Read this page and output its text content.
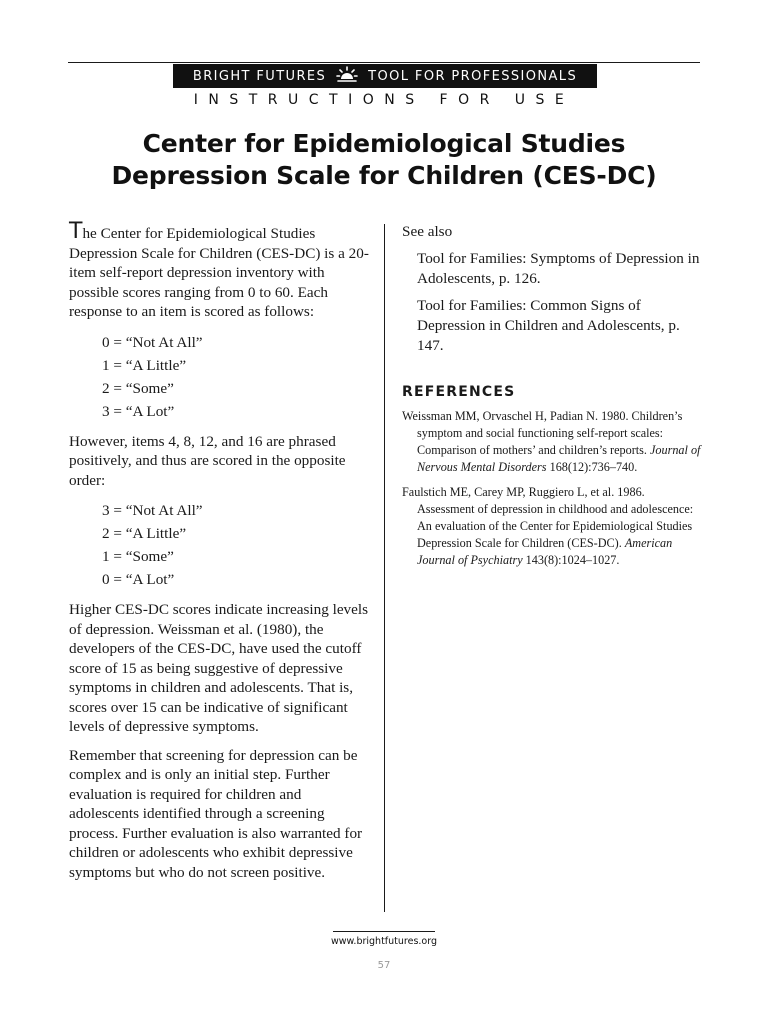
BRIGHT FUTURES	TOOL FOR PROFESSIONALS
INSTRUCTIONS FOR USE
Center for Epidemiological Studies
Depression Scale for Children (CES-DC)

The Center for Epidemiological Studies Depression Scale for Children (CES-DC) is a 20-item self-report depression inventory with possible scores ranging from 0 to 60. Each response to an item is scored as follows:

0 = “Not At All”
1 = “A Little”
2 = “Some”
3 = “A Lot”

However, items 4, 8, 12, and 16 are phrased positively, and thus are scored in the opposite order:

3 = “Not At All”
2 = “A Little”
1 = “Some”
0 = “A Lot”

Higher CES-DC scores indicate increasing levels of depression. Weissman et al. (1980), the developers of the CES-DC, have used the cutoff score of 15 as being suggestive of depressive symptoms in children and adolescents. That is, scores over 15 can be indicative of significant levels of depressive symptoms.

Remember that screening for depression can be complex and is only an initial step. Further evaluation is required for children and adolescents identified through a screening process. Further evaluation is also warranted for children or adolescents who exhibit depressive symptoms but who do not screen positive.

See also

Tool for Families: Symptoms of Depression in Adolescents, p. 126.

Tool for Families: Common Signs of Depression in Children and Adolescents, p. 147.

REFERENCES

Weissman MM, Orvaschel H, Padian N. 1980. Children’s symptom and social functioning self-report scales: Comparison of mothers’ and children’s reports. Journal of Nervous Mental Disorders 168(12):736–740.

Faulstich ME, Carey MP, Ruggiero L, et al. 1986. Assessment of depression in childhood and adolescence: An evaluation of the Center for Epidemiological Studies Depression Scale for Children (CES-DC). American Journal of Psychiatry 143(8):1024–1027.

www.brightfutures.org
57
